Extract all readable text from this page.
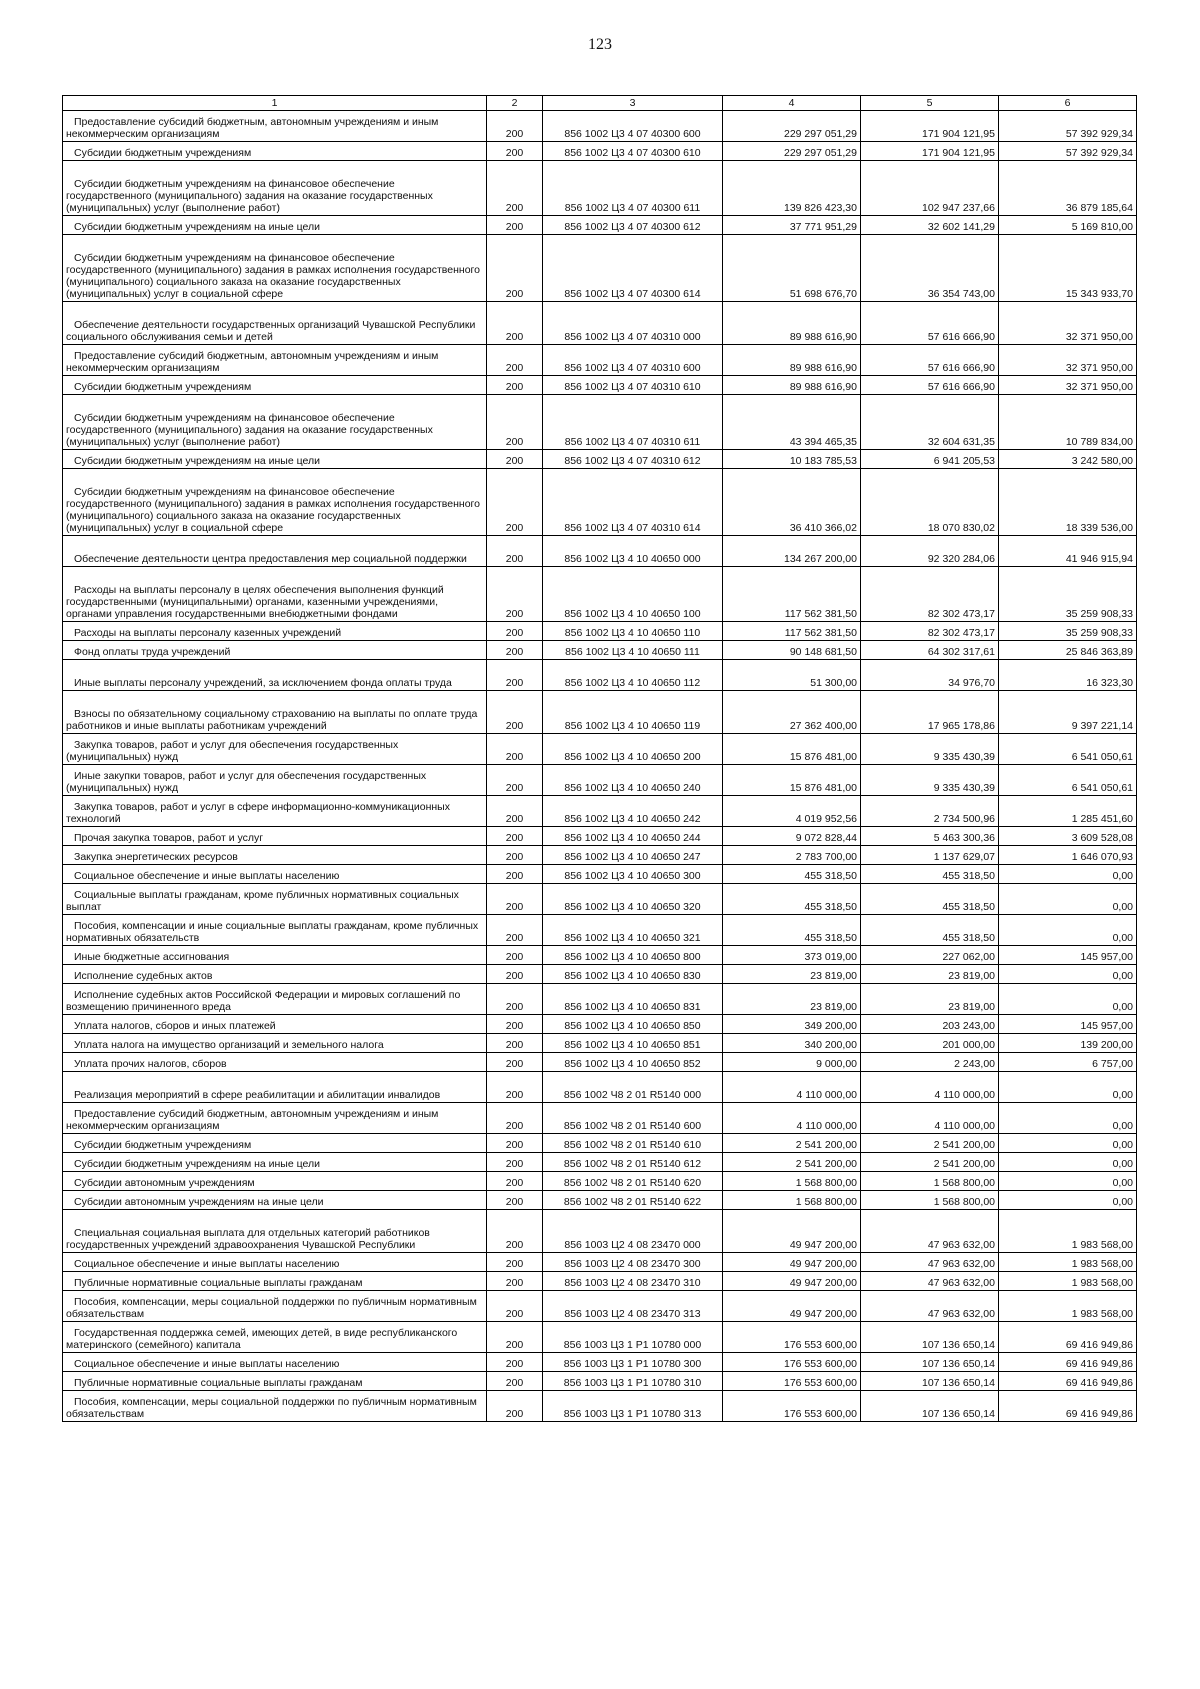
123
1	2	3	4	5	6
Предоставление субсидий бюджетным, автономным учреждениям и иным некоммерческим организациям	200	856 1002 Ц3 4 07 40300 600	229 297 051,29	171 904 121,95	57 392 929,34
Субсидии бюджетным учреждениям	200	856 1002 Ц3 4 07 40300 610	229 297 051,29	171 904 121,95	57 392 929,34
Субсидии бюджетным учреждениям на финансовое обеспечение государственного (муниципального) задания на оказание государственных (муниципальных) услуг (выполнение работ)	200	856 1002 Ц3 4 07 40300 611	139 826 423,30	102 947 237,66	36 879 185,64
Субсидии бюджетным учреждениям на иные цели	200	856 1002 Ц3 4 07 40300 612	37 771 951,29	32 602 141,29	5 169 810,00
Субсидии бюджетным учреждениям на финансовое обеспечение государственного (муниципального) задания в рамках исполнения государственного (муниципального) социального заказа на оказание государственных (муниципальных) услуг в социальной сфере	200	856 1002 Ц3 4 07 40300 614	51 698 676,70	36 354 743,00	15 343 933,70
Обеспечение деятельности государственных организаций Чувашской Республики социального обслуживания семьи и детей	200	856 1002 Ц3 4 07 40310 000	89 988 616,90	57 616 666,90	32 371 950,00
Предоставление субсидий бюджетным, автономным учреждениям и иным некоммерческим организациям	200	856 1002 Ц3 4 07 40310 600	89 988 616,90	57 616 666,90	32 371 950,00
Субсидии бюджетным учреждениям	200	856 1002 Ц3 4 07 40310 610	89 988 616,90	57 616 666,90	32 371 950,00
Субсидии бюджетным учреждениям на финансовое обеспечение государственного (муниципального) задания на оказание государственных (муниципальных) услуг (выполнение работ)	200	856 1002 Ц3 4 07 40310 611	43 394 465,35	32 604 631,35	10 789 834,00
Субсидии бюджетным учреждениям на иные цели	200	856 1002 Ц3 4 07 40310 612	10 183 785,53	6 941 205,53	3 242 580,00
Субсидии бюджетным учреждениям на финансовое обеспечение государственного (муниципального) задания в рамках исполнения государственного (муниципального) социального заказа на оказание государственных (муниципальных) услуг в социальной сфере	200	856 1002 Ц3 4 07 40310 614	36 410 366,02	18 070 830,02	18 339 536,00
Обеспечение деятельности центра предоставления мер социальной поддержки	200	856 1002 Ц3 4 10 40650 000	134 267 200,00	92 320 284,06	41 946 915,94
Расходы на выплаты персоналу в целях обеспечения выполнения функций государственными (муниципальными) органами, казенными учреждениями, органами управления государственными внебюджетными фондами	200	856 1002 Ц3 4 10 40650 100	117 562 381,50	82 302 473,17	35 259 908,33
Расходы на выплаты персоналу казенных учреждений	200	856 1002 Ц3 4 10 40650 110	117 562 381,50	82 302 473,17	35 259 908,33
Фонд оплаты труда учреждений	200	856 1002 Ц3 4 10 40650 111	90 148 681,50	64 302 317,61	25 846 363,89
Иные выплаты персоналу учреждений, за исключением фонда оплаты труда	200	856 1002 Ц3 4 10 40650 112	51 300,00	34 976,70	16 323,30
Взносы по обязательному социальному страхованию на выплаты по оплате труда работников и иные выплаты работникам учреждений	200	856 1002 Ц3 4 10 40650 119	27 362 400,00	17 965 178,86	9 397 221,14
Закупка товаров, работ и услуг для обеспечения государственных (муниципальных) нужд	200	856 1002 Ц3 4 10 40650 200	15 876 481,00	9 335 430,39	6 541 050,61
Иные закупки товаров, работ и услуг для обеспечения государственных (муниципальных) нужд	200	856 1002 Ц3 4 10 40650 240	15 876 481,00	9 335 430,39	6 541 050,61
Закупка товаров, работ и услуг в сфере информационно-коммуникационных технологий	200	856 1002 Ц3 4 10 40650 242	4 019 952,56	2 734 500,96	1 285 451,60
Прочая закупка товаров, работ и услуг	200	856 1002 Ц3 4 10 40650 244	9 072 828,44	5 463 300,36	3 609 528,08
Закупка энергетических ресурсов	200	856 1002 Ц3 4 10 40650 247	2 783 700,00	1 137 629,07	1 646 070,93
Социальное обеспечение и иные выплаты населению	200	856 1002 Ц3 4 10 40650 300	455 318,50	455 318,50	0,00
Социальные выплаты гражданам, кроме публичных нормативных социальных выплат	200	856 1002 Ц3 4 10 40650 320	455 318,50	455 318,50	0,00
Пособия, компенсации и иные социальные выплаты гражданам, кроме публичных нормативных обязательств	200	856 1002 Ц3 4 10 40650 321	455 318,50	455 318,50	0,00
Иные бюджетные ассигнования	200	856 1002 Ц3 4 10 40650 800	373 019,00	227 062,00	145 957,00
Исполнение судебных актов	200	856 1002 Ц3 4 10 40650 830	23 819,00	23 819,00	0,00
Исполнение судебных актов Российской Федерации и мировых соглашений по возмещению причиненного вреда	200	856 1002 Ц3 4 10 40650 831	23 819,00	23 819,00	0,00
Уплата налогов, сборов и иных платежей	200	856 1002 Ц3 4 10 40650 850	349 200,00	203 243,00	145 957,00
Уплата налога на имущество организаций и земельного налога	200	856 1002 Ц3 4 10 40650 851	340 200,00	201 000,00	139 200,00
Уплата прочих налогов, сборов	200	856 1002 Ц3 4 10 40650 852	9 000,00	2 243,00	6 757,00
Реализация мероприятий в сфере реабилитации и абилитации инвалидов	200	856 1002 Ч8 2 01 R5140 000	4 110 000,00	4 110 000,00	0,00
Предоставление субсидий бюджетным, автономным учреждениям и иным некоммерческим организациям	200	856 1002 Ч8 2 01 R5140 600	4 110 000,00	4 110 000,00	0,00
Субсидии бюджетным учреждениям	200	856 1002 Ч8 2 01 R5140 610	2 541 200,00	2 541 200,00	0,00
Субсидии бюджетным учреждениям на иные цели	200	856 1002 Ч8 2 01 R5140 612	2 541 200,00	2 541 200,00	0,00
Субсидии автономным учреждениям	200	856 1002 Ч8 2 01 R5140 620	1 568 800,00	1 568 800,00	0,00
Субсидии автономным учреждениям на иные цели	200	856 1002 Ч8 2 01 R5140 622	1 568 800,00	1 568 800,00	0,00
Специальная социальная выплата для отдельных категорий работников государственных учреждений здравоохранения Чувашской Республики	200	856 1003 Ц2 4 08 23470 000	49 947 200,00	47 963 632,00	1 983 568,00
Социальное обеспечение и иные выплаты населению	200	856 1003 Ц2 4 08 23470 300	49 947 200,00	47 963 632,00	1 983 568,00
Публичные нормативные социальные выплаты гражданам	200	856 1003 Ц2 4 08 23470 310	49 947 200,00	47 963 632,00	1 983 568,00
Пособия, компенсации, меры социальной поддержки по публичным нормативным обязательствам	200	856 1003 Ц2 4 08 23470 313	49 947 200,00	47 963 632,00	1 983 568,00
Государственная поддержка семей, имеющих детей, в виде республиканского материнского (семейного) капитала	200	856 1003 Ц3 1 Р1 10780 000	176 553 600,00	107 136 650,14	69 416 949,86
Социальное обеспечение и иные выплаты населению	200	856 1003 Ц3 1 Р1 10780 300	176 553 600,00	107 136 650,14	69 416 949,86
Публичные нормативные социальные выплаты гражданам	200	856 1003 Ц3 1 Р1 10780 310	176 553 600,00	107 136 650,14	69 416 949,86
Пособия, компенсации, меры социальной поддержки по публичным нормативным обязательствам	200	856 1003 Ц3 1 Р1 10780 313	176 553 600,00	107 136 650,14	69 416 949,86
